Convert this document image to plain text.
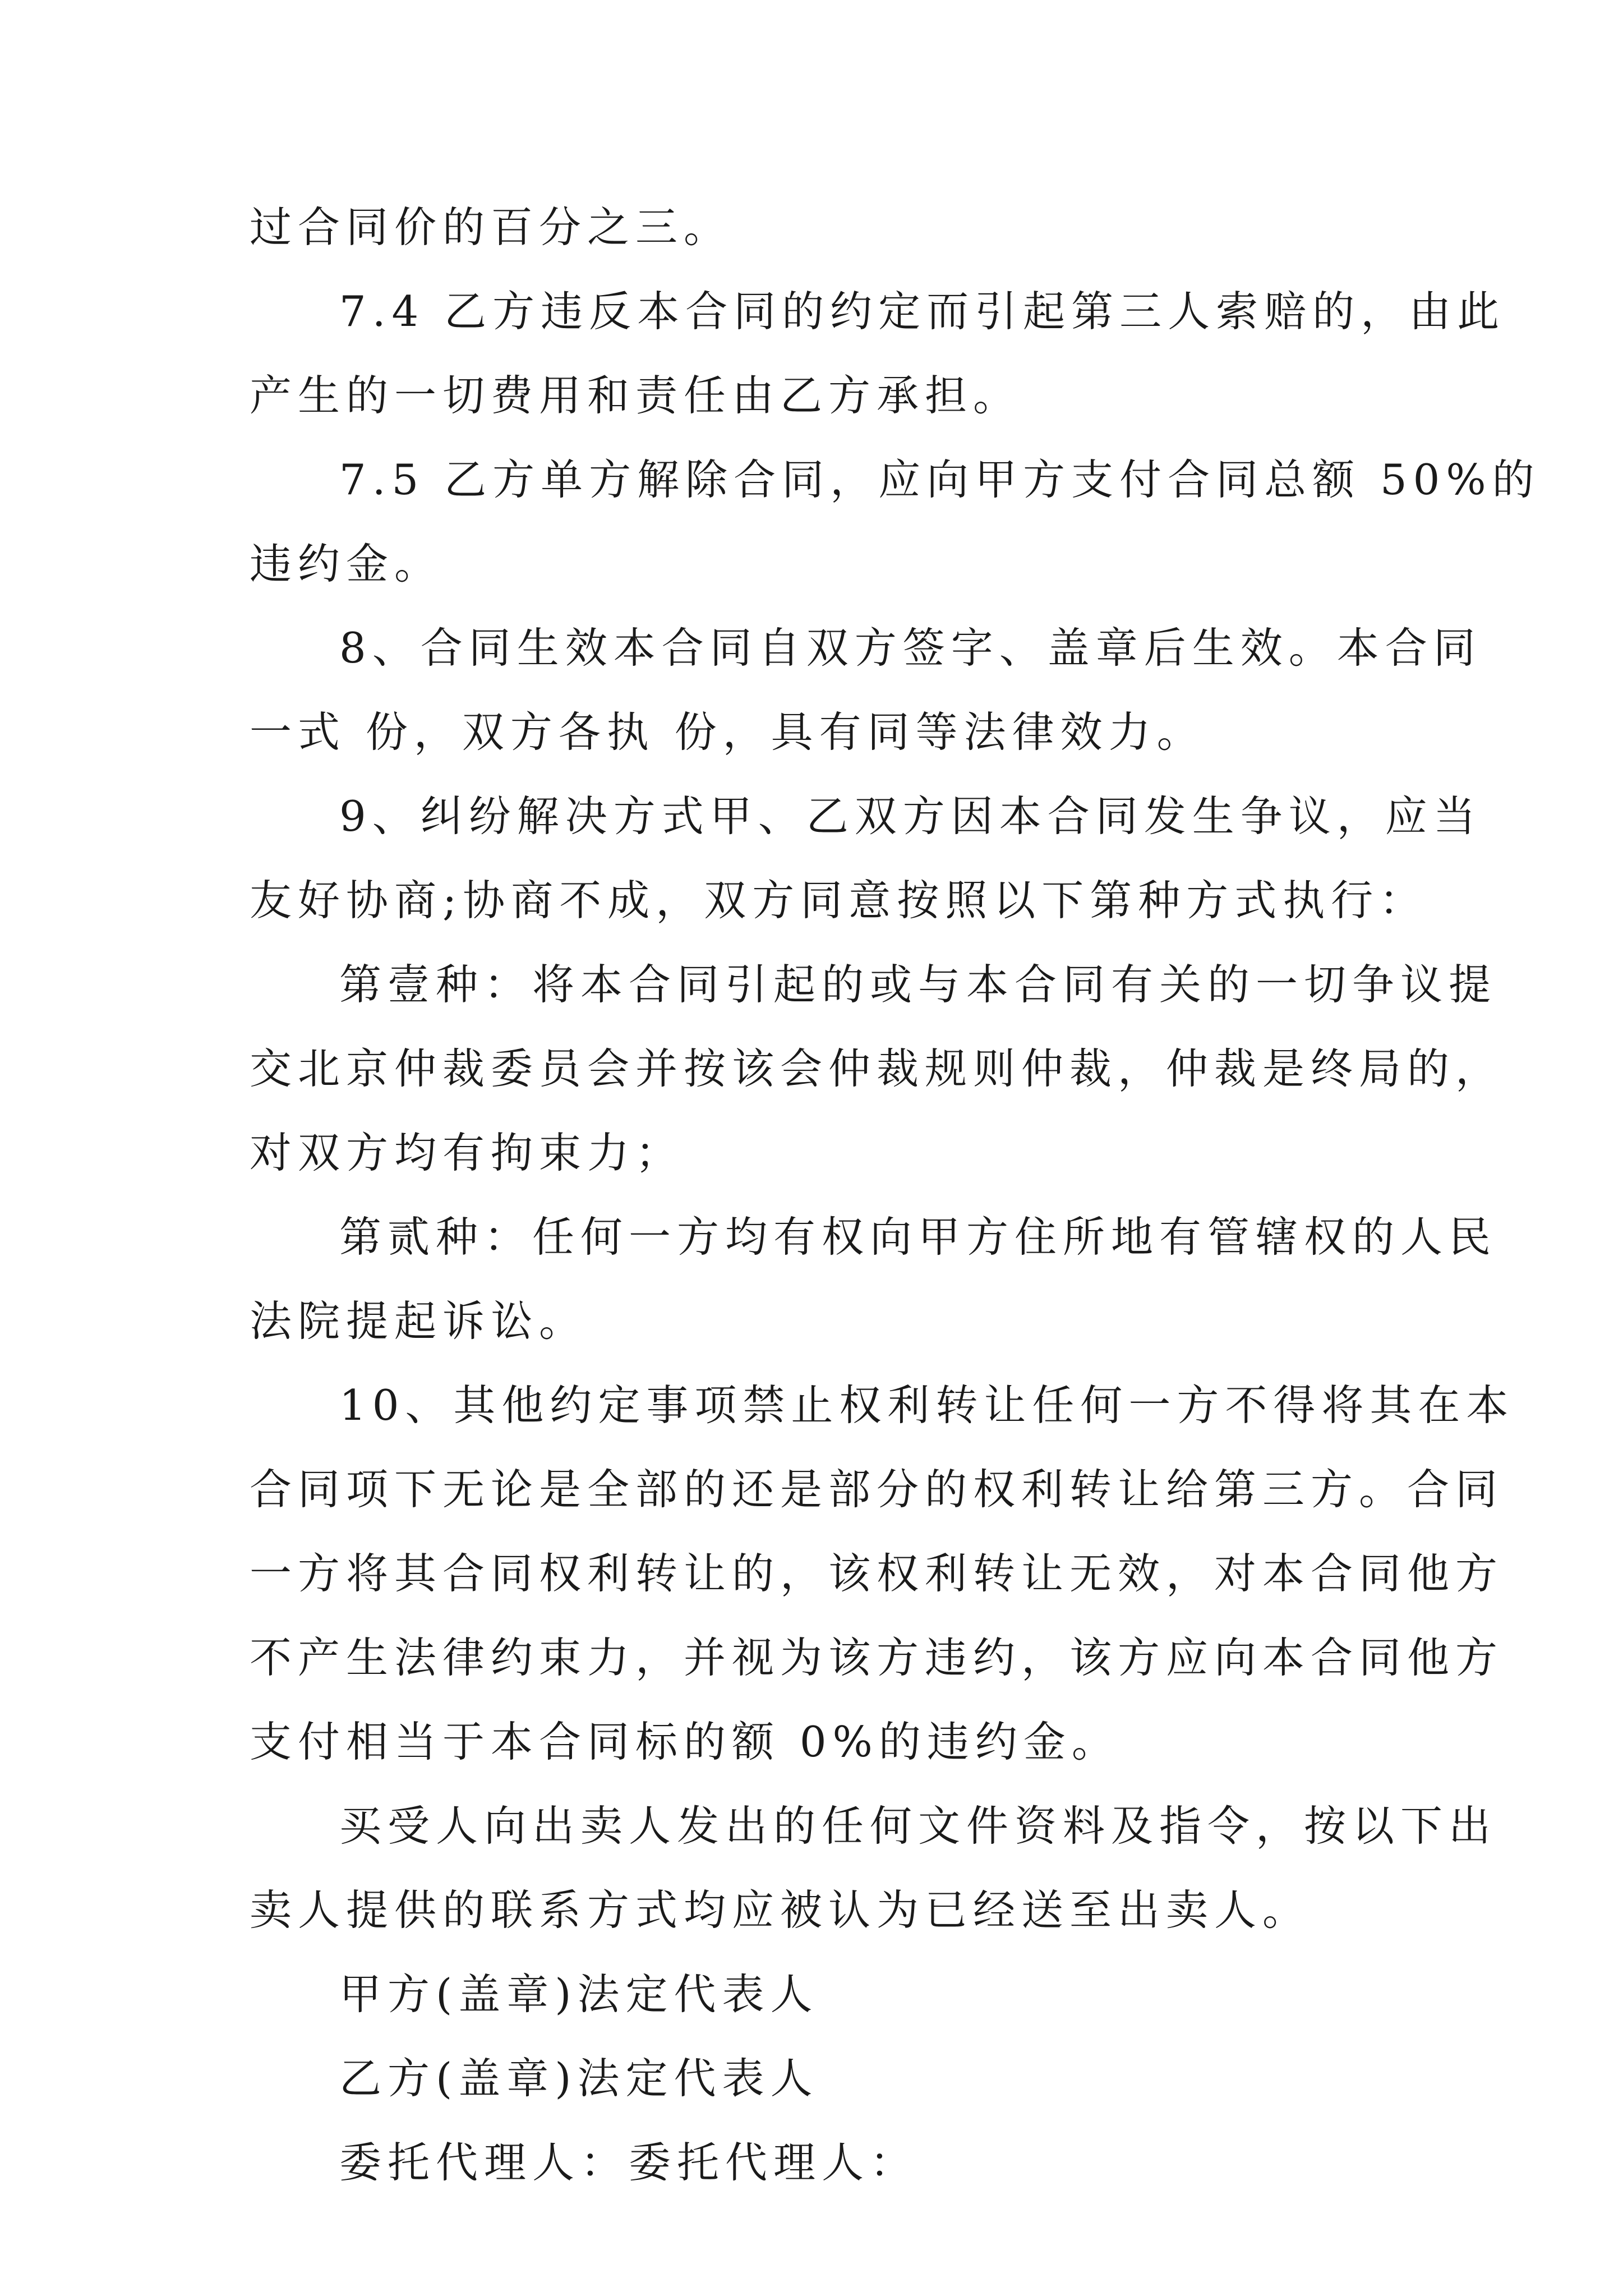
过合同价的百分之三。
7.4 乙方违反本合同的约定而引起第三人索赔的，由此
产生的一切费用和责任由乙方承担。
7.5 乙方单方解除合同，应向甲方支付合同总额 50%的
违约金。
8、合同生效本合同自双方签字、盖章后生效。本合同
一式 份，双方各执 份，具有同等法律效力。
9、纠纷解决方式甲、乙双方因本合同发生争议，应当
友好协商;协商不成，双方同意按照以下第种方式执行：
第壹种：将本合同引起的或与本合同有关的一切争议提
交北京仲裁委员会并按该会仲裁规则仲裁，仲裁是终局的，
对双方均有拘束力；
第贰种：任何一方均有权向甲方住所地有管辖权的人民
法院提起诉讼。
10、其他约定事项禁止权利转让任何一方不得将其在本
合同项下无论是全部的还是部分的权利转让给第三方。合同
一方将其合同权利转让的，该权利转让无效，对本合同他方
不产生法律约束力，并视为该方违约，该方应向本合同他方
支付相当于本合同标的额 0%的违约金。
买受人向出卖人发出的任何文件资料及指令，按以下出
卖人提供的联系方式均应被认为已经送至出卖人。
甲方(盖章)法定代表人
乙方(盖章)法定代表人
委托代理人：委托代理人：
